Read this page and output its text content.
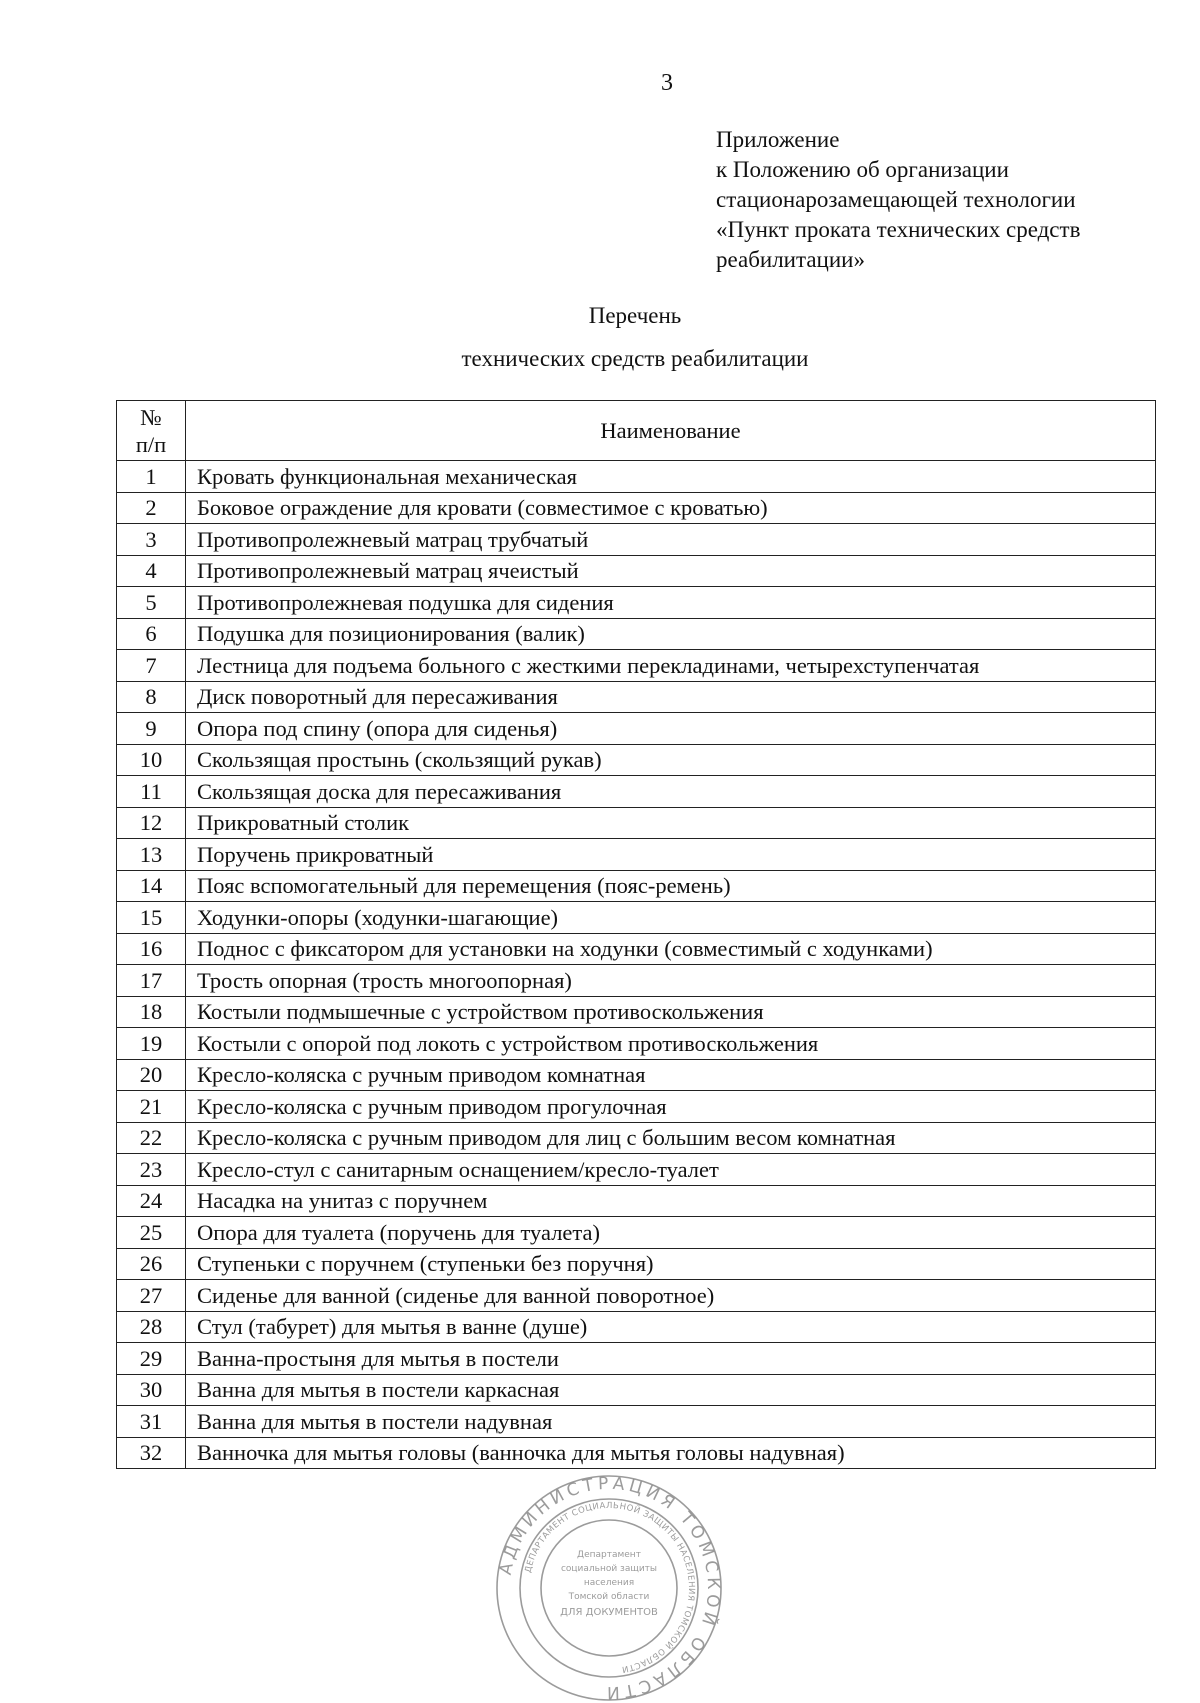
3
Приложение
к Положению об организации
стационарозамещающей технологии
«Пункт проката технических средств
реабилитации»
Перечень
технических средств реабилитации
№
п/п	Наименование
1	Кровать функциональная механическая
2	Боковое ограждение для кровати (совместимое с кроватью)
3	Противопролежневый матрац трубчатый
4	Противопролежневый матрац ячеистый
5	Противопролежневая подушка для сидения
6	Подушка для позиционирования (валик)
7	Лестница для подъема больного с жесткими перекладинами, четырехступенчатая
8	Диск поворотный для пересаживания
9	Опора под спину (опора для сиденья)
10	Скользящая простынь (скользящий рукав)
11	Скользящая доска для пересаживания
12	Прикроватный столик
13	Поручень прикроватный
14	Пояс вспомогательный для перемещения (пояс-ремень)
15	Ходунки-опоры (ходунки-шагающие)
16	Поднос с фиксатором для установки на ходунки (совместимый с ходунками)
17	Трость опорная (трость многоопорная)
18	Костыли подмышечные с устройством противоскольжения
19	Костыли с опорой под локоть с устройством противоскольжения
20	Кресло-коляска с ручным приводом комнатная
21	Кресло-коляска с ручным приводом прогулочная
22	Кресло-коляска с ручным приводом для лиц с большим весом комнатная
23	Кресло-стул с санитарным оснащением/кресло-туалет
24	Насадка на унитаз с поручнем
25	Опора для туалета (поручень для туалета)
26	Ступеньки с поручнем (ступеньки без поручня)
27	Сиденье для ванной (сиденье для ванной поворотное)
28	Стул (табурет) для мытья в ванне (душе)
29	Ванна-простыня для мытья в постели
30	Ванна для мытья в постели каркасная
31	Ванна для мытья в постели надувная
32	Ванночка для мытья головы (ванночка для мытья головы надувная)
АДМИНИСТРАЦИЯ ТОМСКОЙ ОБЛАСТИ
ДЕПАРТАМЕНТ СОЦИАЛЬНОЙ ЗАЩИТЫ НАСЕЛЕНИЯ ТОМСКОЙ ОБЛАСТИ
Департамент
социальной защиты
населения
Томской области
ДЛЯ ДОКУМЕНТОВ
